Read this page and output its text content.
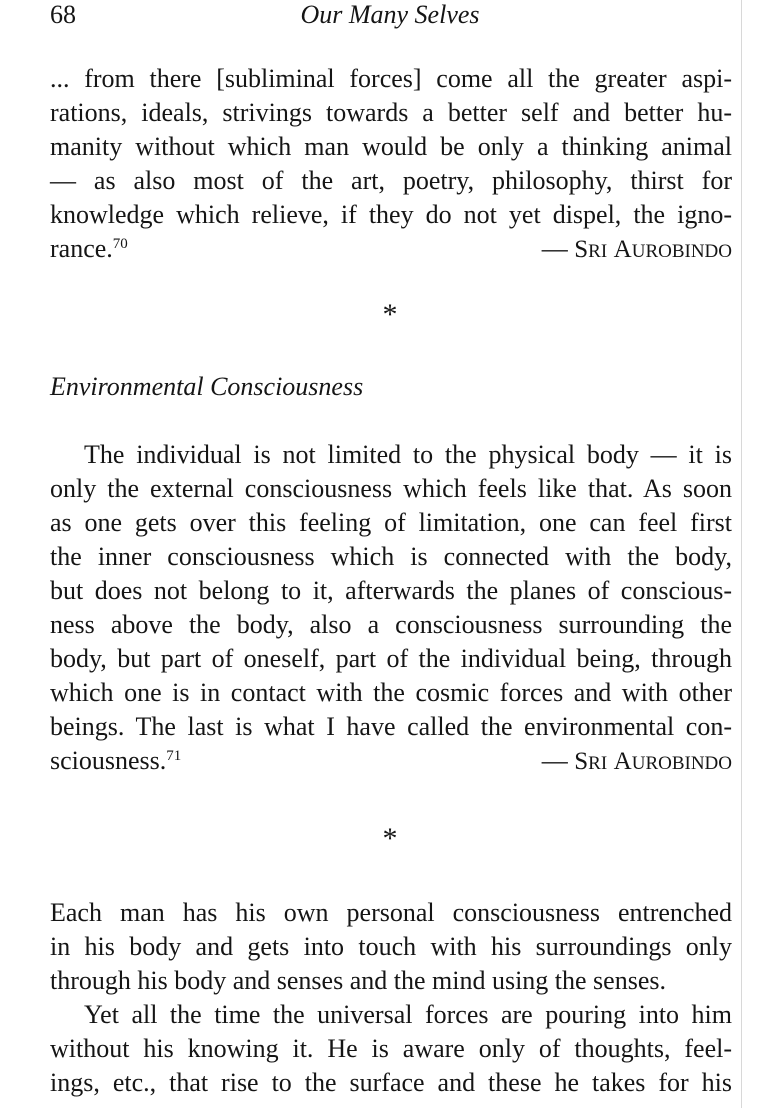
68	Our Many Selves
... from there [subliminal forces] come all the greater aspi-
rations, ideals, strivings towards a better self and better hu-
manity without which man would be only a thinking animal
— as also most of the art, poetry, philosophy, thirst for
knowledge which relieve, if they do not yet dispel, the igno-
rance.$^{70}$	— SRI AUROBINDO
*
Environmental Consciousness
The individual is not limited to the physical body — it is
only the external consciousness which feels like that. As soon
as one gets over this feeling of limitation, one can feel first
the inner consciousness which is connected with the body,
but does not belong to it, afterwards the planes of conscious-
ness above the body, also a consciousness surrounding the
body, but part of oneself, part of the individual being, through
which one is in contact with the cosmic forces and with other
beings. The last is what I have called the environmental con-
sciousness.$^{71}$	— SRI AUROBINDO
*
Each man has his own personal consciousness entrenched
in his body and gets into touch with his surroundings only
through his body and senses and the mind using the senses.
Yet all the time the universal forces are pouring into him
without his knowing it. He is aware only of thoughts, feel-
ings, etc., that rise to the surface and these he takes for his
